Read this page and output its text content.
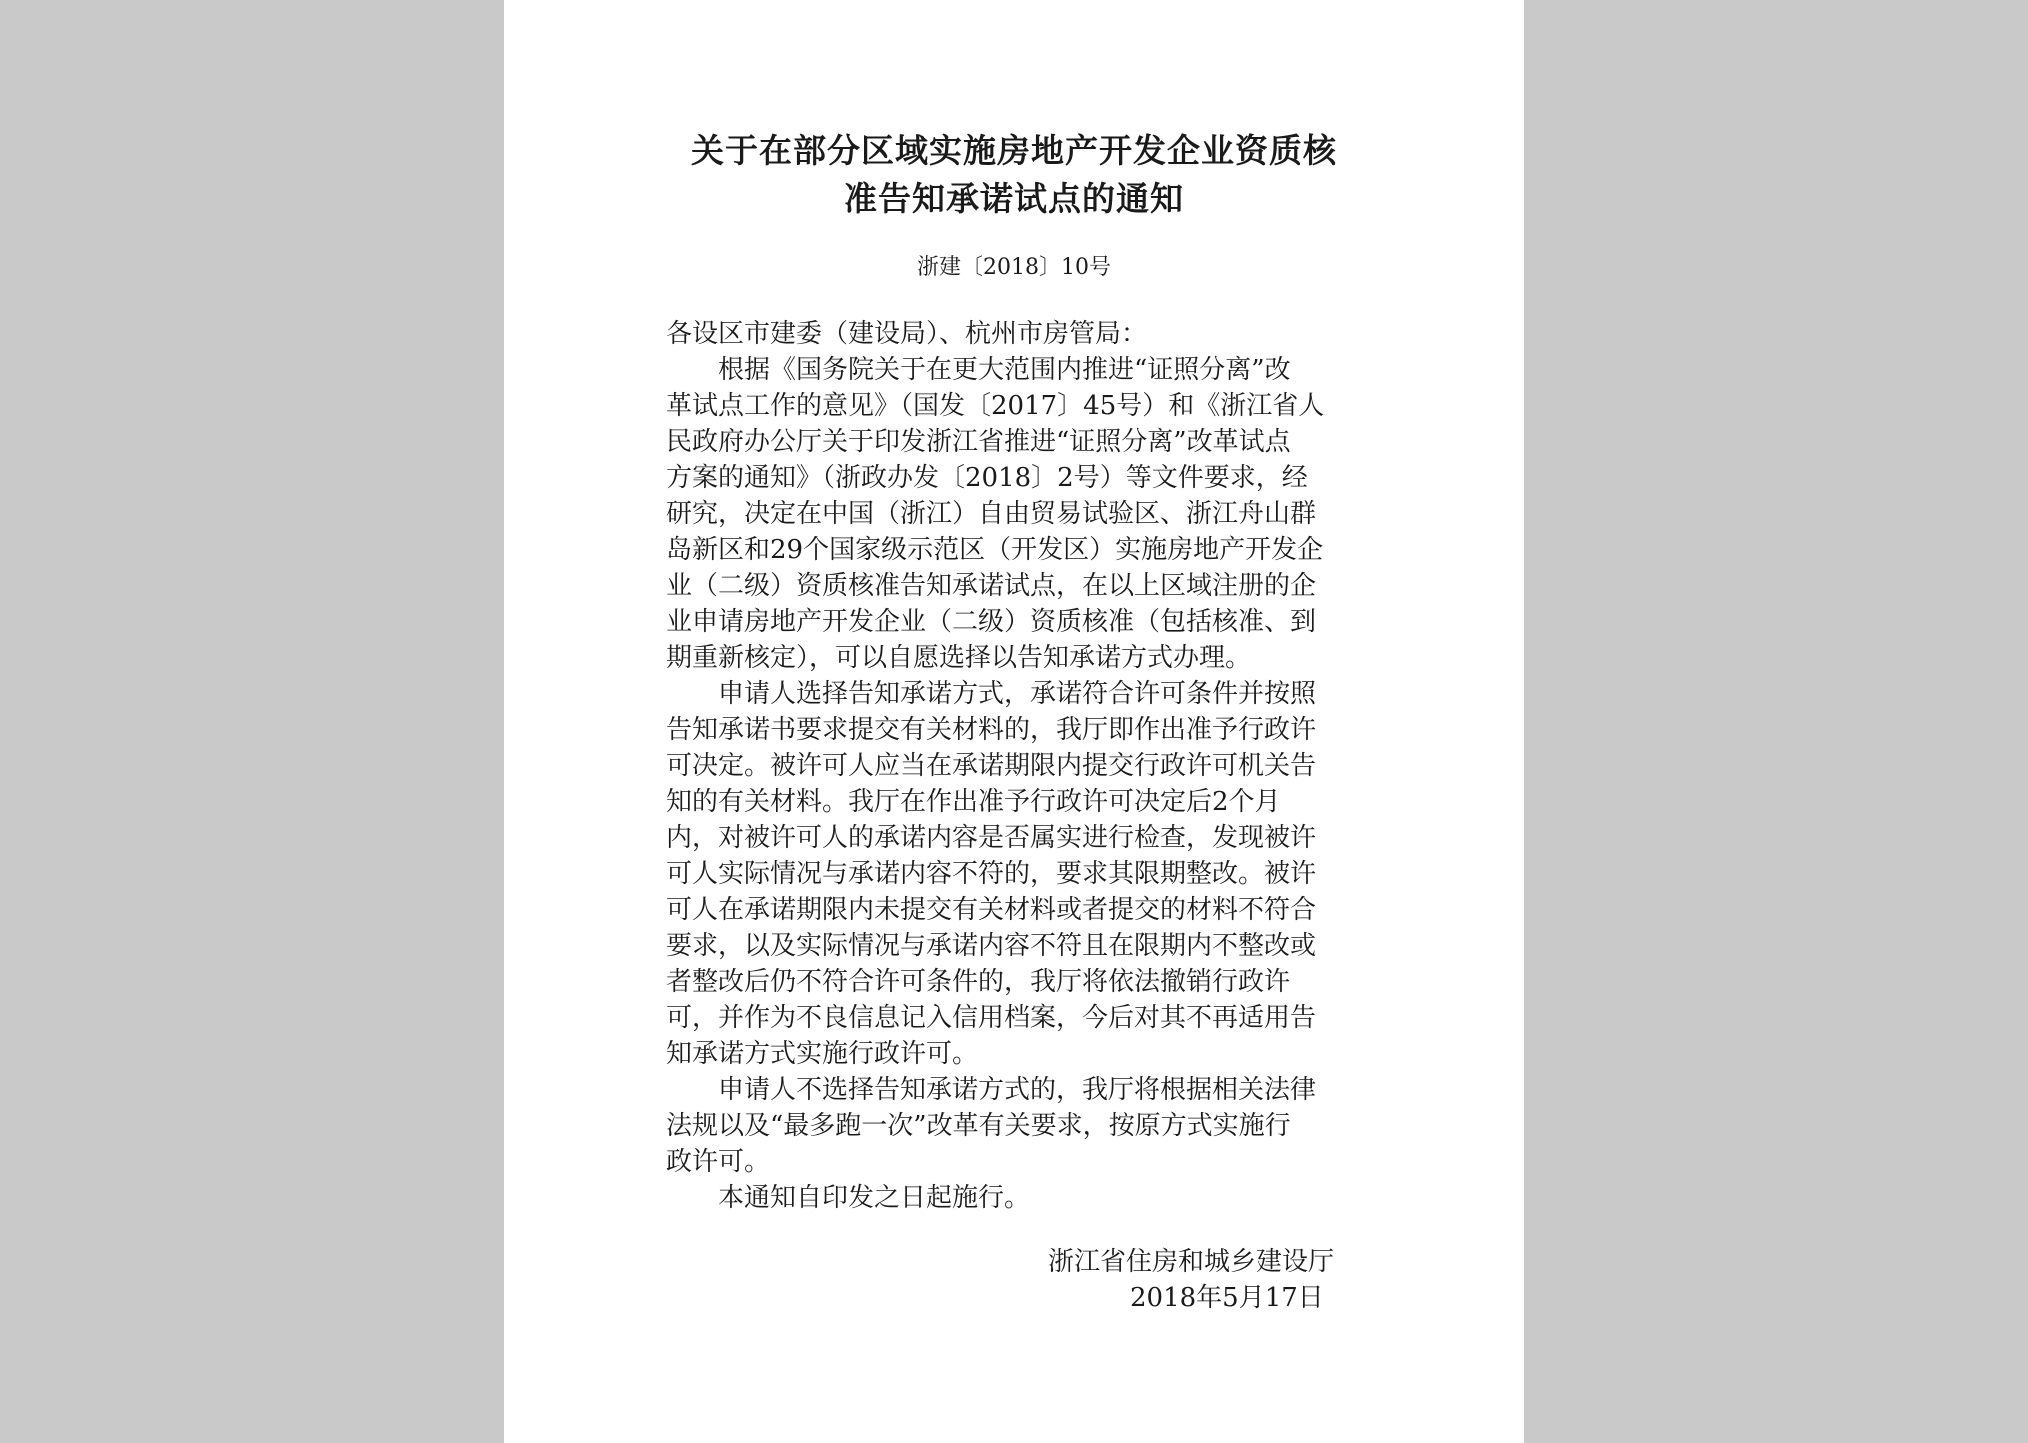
关于在部分区域实施房地产开发企业资质核
准告知承诺试点的通知
浙建〔2018〕10号
各设区市建委（建设局）、杭州市房管局：
根据《国务院关于在更大范围内推进“证照分离”改
革试点工作的意见》（国发〔2017〕45号）和《浙江省人
民政府办公厅关于印发浙江省推进“证照分离”改革试点
方案的通知》（浙政办发〔2018〕2号）等文件要求，经
研究，决定在中国（浙江）自由贸易试验区、浙江舟山群
岛新区和29个国家级示范区（开发区）实施房地产开发企
业（二级）资质核准告知承诺试点，在以上区域注册的企
业申请房地产开发企业（二级）资质核准（包括核准、到
期重新核定），可以自愿选择以告知承诺方式办理。
申请人选择告知承诺方式，承诺符合许可条件并按照
告知承诺书要求提交有关材料的，我厅即作出准予行政许
可决定。被许可人应当在承诺期限内提交行政许可机关告
知的有关材料。我厅在作出准予行政许可决定后2个月
内，对被许可人的承诺内容是否属实进行检查，发现被许
可人实际情况与承诺内容不符的，要求其限期整改。被许
可人在承诺期限内未提交有关材料或者提交的材料不符合
要求，以及实际情况与承诺内容不符且在限期内不整改或
者整改后仍不符合许可条件的，我厅将依法撤销行政许
可，并作为不良信息记入信用档案，今后对其不再适用告
知承诺方式实施行政许可。
申请人不选择告知承诺方式的，我厅将根据相关法律
法规以及“最多跑一次”改革有关要求，按原方式实施行
政许可。
本通知自印发之日起施行。
浙江省住房和城乡建设厅
2018年5月17日
